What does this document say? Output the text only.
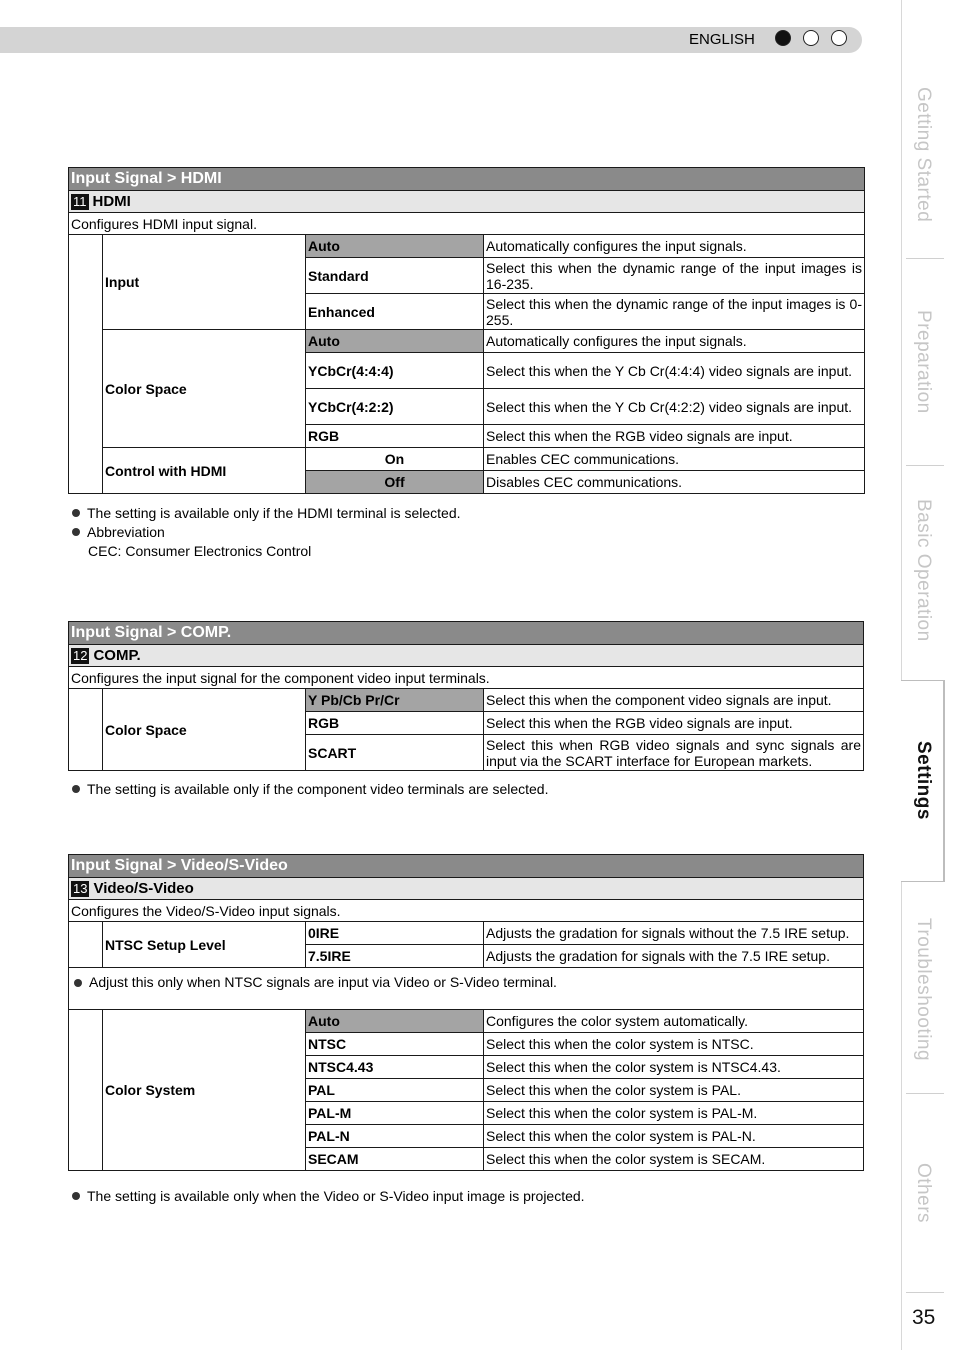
ENGLISH
Getting Started
Preparation
Basic Operation
Settings
Troubleshooting
Others
35
Input Signal > HDMI			
11 HDMI			
Configures HDMI input signal.			
	Input	Auto	Automatically configures the input signals.
		Standard	Select this when the dynamic range of the input images is 16-235.
		Enhanced	Select this when the dynamic range of the input images is 0-255.
	Color Space	Auto	Automatically configures the input signals.
		YCbCr(4:4:4)	Select this when the Y Cb Cr(4:4:4) video signals are input.
		YCbCr(4:2:2)	Select this when the Y Cb Cr(4:2:2) video signals are input.
		RGB	Select this when the RGB video signals are input.
	Control with HDMI	On	Enables CEC communications.
		Off	Disables CEC communications.
The setting is available only if the HDMI terminal is selected.
Abbreviation
CEC: Consumer Electronics Control
Input Signal > COMP.			
12 COMP.			
Configures the input signal for the component video input terminals.			
	Color Space	Y Pb/Cb Pr/Cr	Select this when the component video signals are input.
		RGB	Select this when the RGB video signals are input.
		SCART	Select this when RGB video signals and sync signals are input via the SCART interface for European markets.
The setting is available only if the component video terminals are selected.
Input Signal > Video/S-Video			
13 Video/S-Video			
Configures the Video/S-Video input signals.			
	NTSC Setup Level	0IRE	Adjusts the gradation for signals without the 7.5 IRE setup.
		7.5IRE	Adjusts the gradation for signals with the 7.5 IRE setup.
Adjust this only when NTSC signals are input via Video or S-Video terminal.			
	Color System	Auto	Configures the color system automatically.
		NTSC	Select this when the color system is NTSC.
		NTSC4.43	Select this when the color system is NTSC4.43.
		PAL	Select this when the color system is PAL.
		PAL-M	Select this when the color system is PAL-M.
		PAL-N	Select this when the color system is PAL-N.
		SECAM	Select this when the color system is SECAM.
The setting is available only when the Video or S-Video input image is projected.
